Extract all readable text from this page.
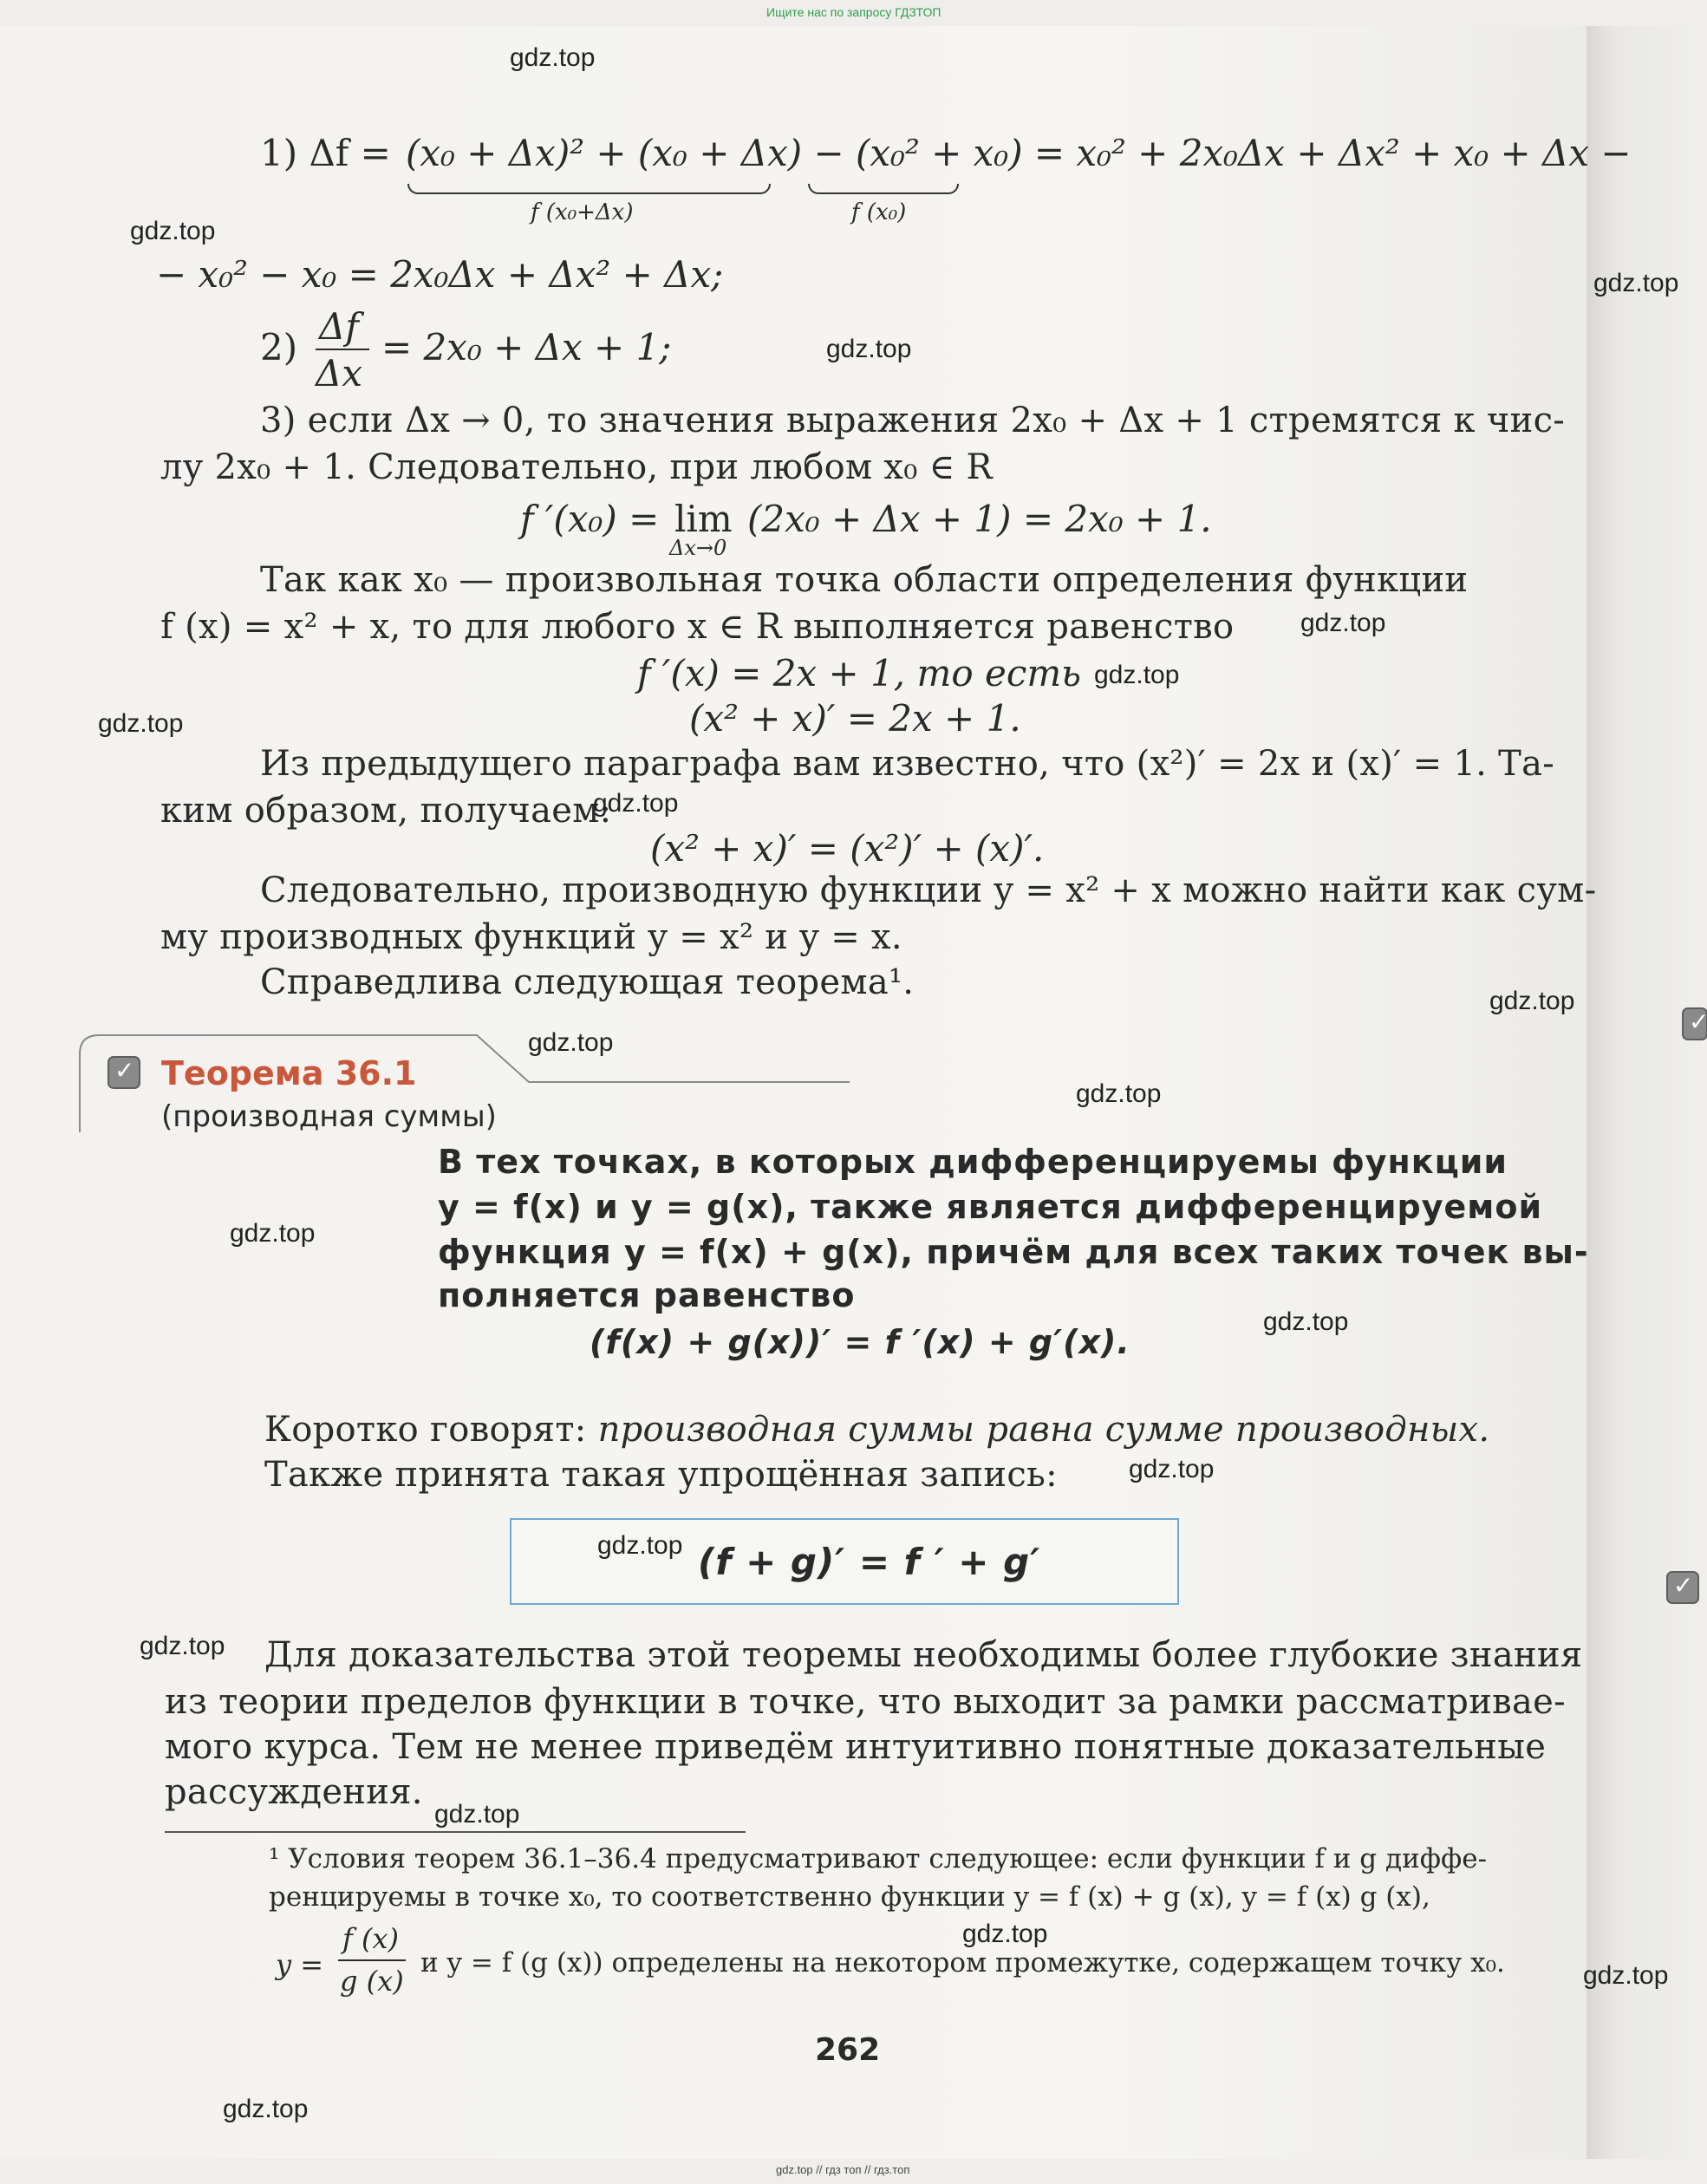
Ищите нас по запросу ГДЗТОП
gdz.top // гдз топ // гдз.топ
1) Δf = (x₀ + Δx)² + (x₀ + Δx) − (x₀² + x₀) = x₀² + 2x₀Δx + Δx² + x₀ + Δx −
f (x₀+Δx)	f (x₀)
− x₀² − x₀ = 2x₀Δx + Δx² + Δx;
2) Δf
Δx
= 2x₀ + Δx + 1;
3) если Δx → 0, то значения выражения 2x₀ + Δx + 1 стремятся к чис-
лу 2x₀ + 1. Следовательно, при любом x₀ ∈ R
f ′(x₀) = lim
Δx→0
(2x₀ + Δx + 1) = 2x₀ + 1.
Так как x₀ — произвольная точка области определения функции
f (x) = x² + x, то для любого x ∈ R выполняется равенство
f ′(x) = 2x + 1, то есть
(x² + x)′ = 2x + 1.
Из предыдущего параграфа вам известно, что (x²)′ = 2x и (x)′ = 1. Та-
ким образом, получаем:
(x² + x)′ = (x²)′ + (x)′.
Следовательно, производную функции y = x² + x можно найти как сум-
му производных функций y = x² и y = x.
Справедлива следующая теорема¹.
✓
Теорема 36.1
(производная суммы)
В тех точках, в которых дифференцируемы функции
y = f(x) и y = g(x), также является дифференцируемой
функция y = f(x) + g(x), причём для всех таких точек вы-
полняется равенство
(f(x) + g(x))′ = f ′(x) + g′(x).
Коротко говорят: производная суммы равна сумме производных.
Также принята такая упрощённая запись:
(f + g)′ = f ′ + g′
Для доказательства этой теоремы необходимы более глубокие знания
из теории пределов функции в точке, что выходит за рамки рассматривае-
мого курса. Тем не менее приведём интуитивно понятные доказательные
рассуждения.
¹ Условия теорем 36.1–36.4 предусматривают следующее: если функции f и g диффе-
ренцируемы в точке x₀, то соответственно функции y = f (x) + g (x), y = f (x) g (x),
y =
f (x)
g (x)
и y = f (g (x)) определены на некотором промежутке, содержащем точку x₀.
262
✓
✓
gdz.top
gdz.top
gdz.top
gdz.top
gdz.top
gdz.top
gdz.top
gdz.top
gdz.top
gdz.top
gdz.top
gdz.top
gdz.top
gdz.top
gdz.top
gdz.top
gdz.top
gdz.top
gdz.top
gdz.top
